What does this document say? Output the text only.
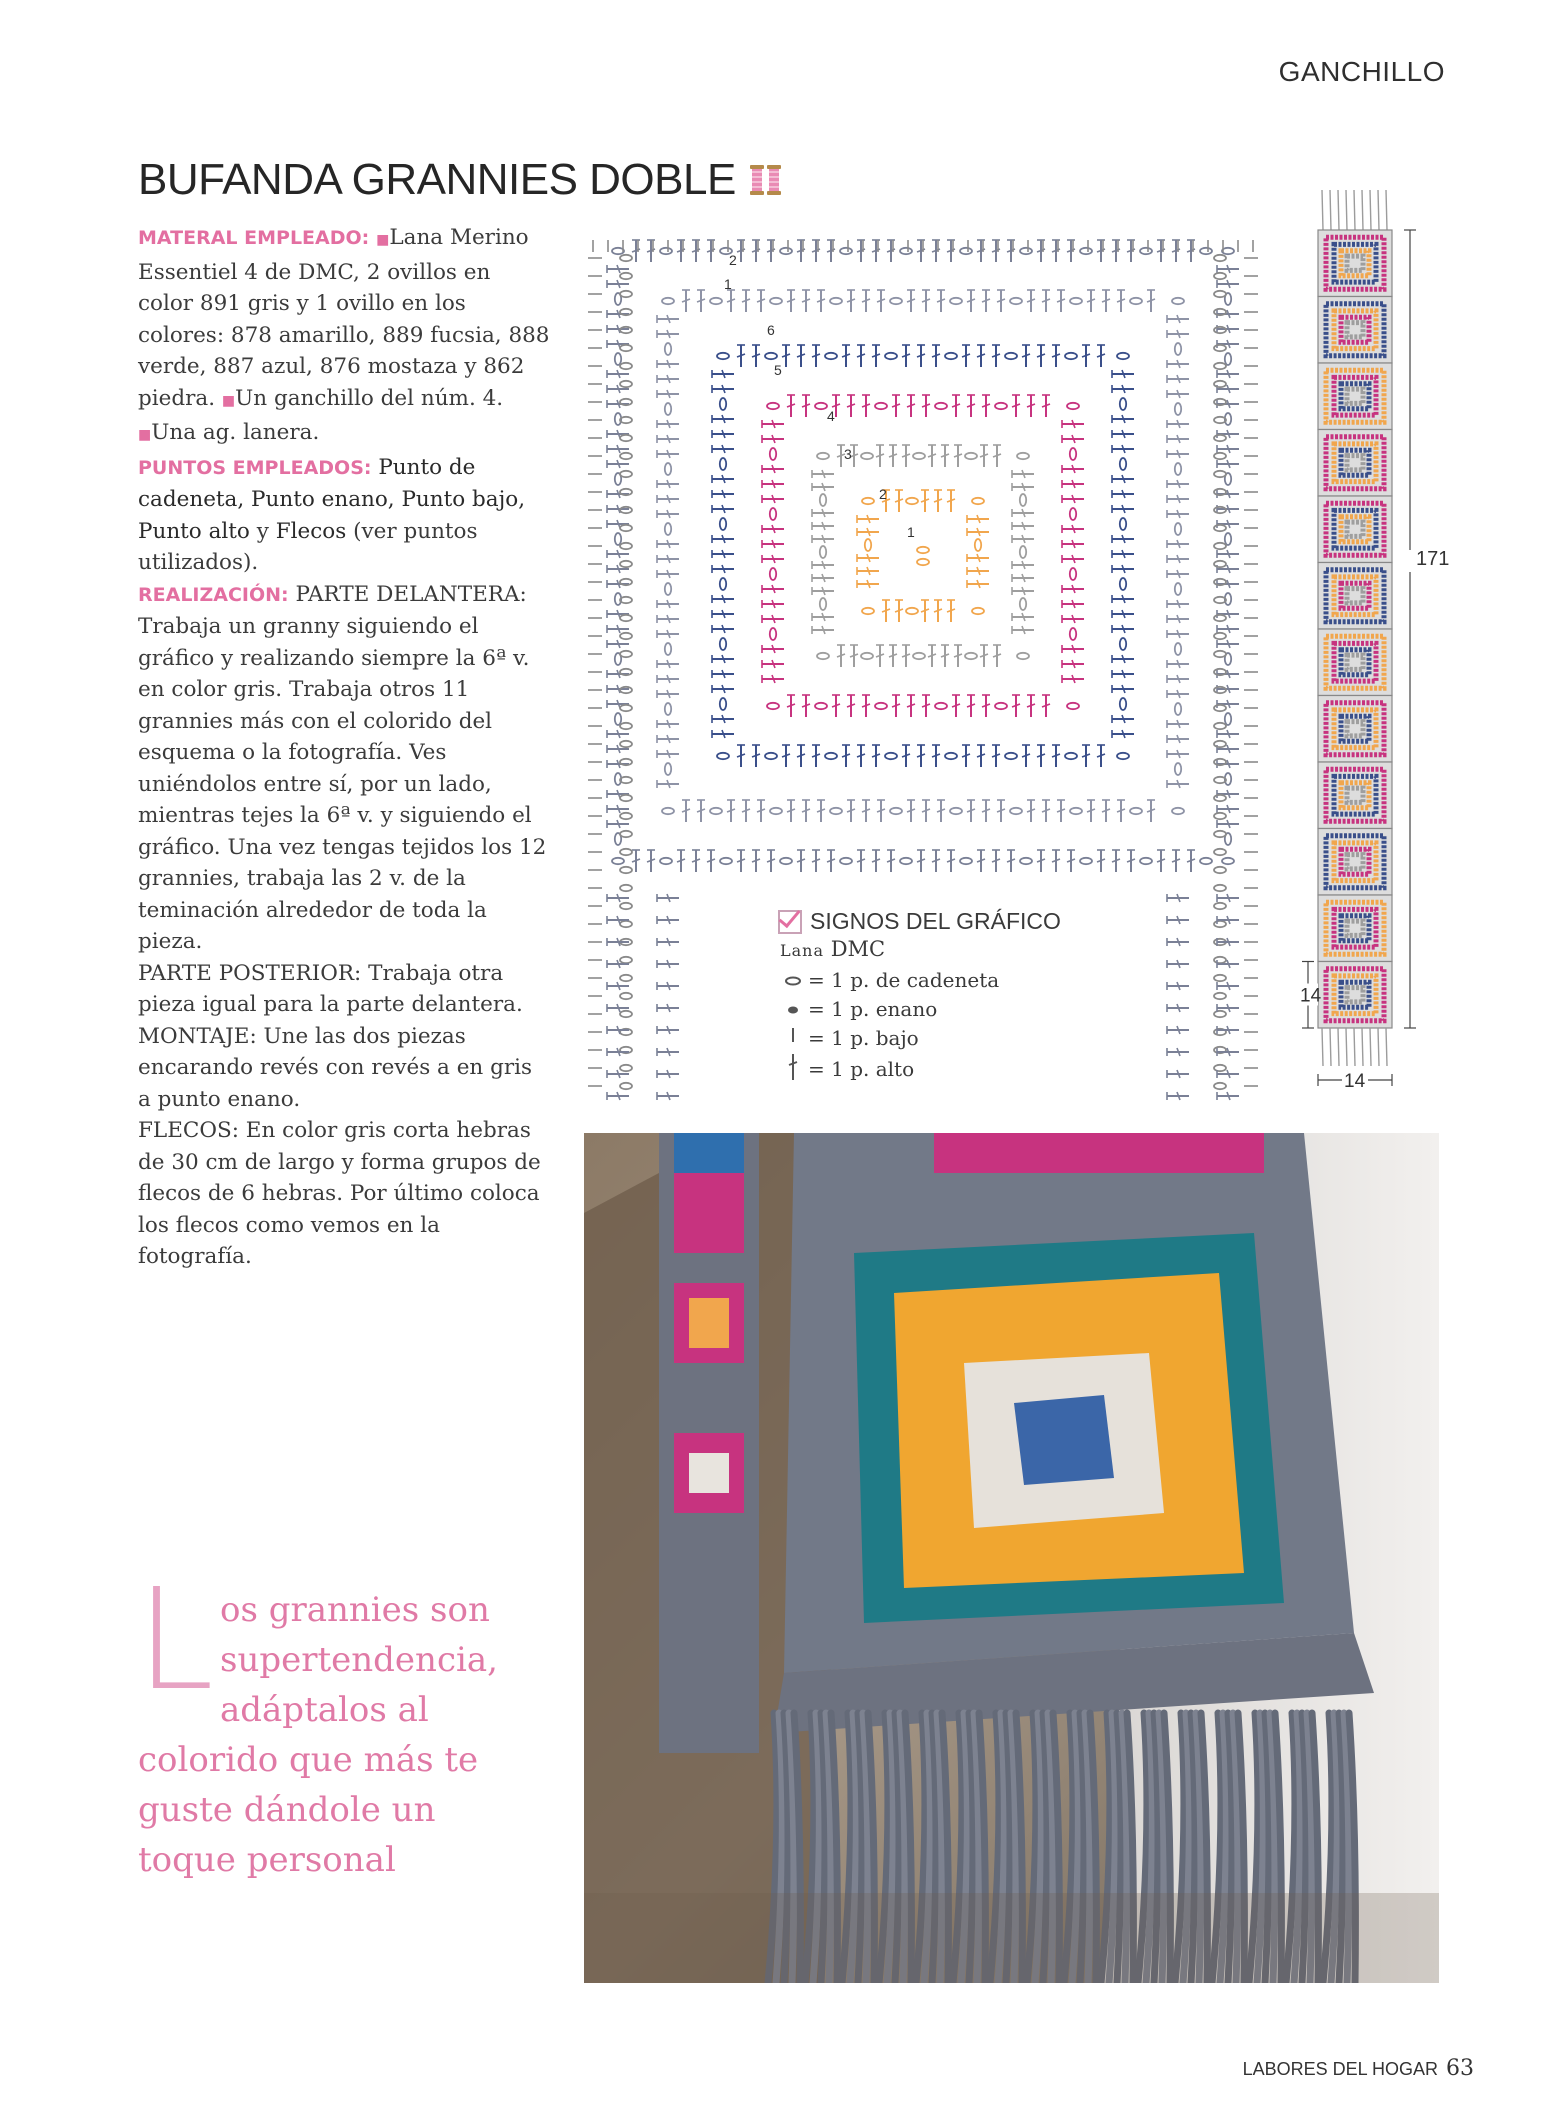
GANCHILLO
BUFANDA GRANNIES DOBLE

MATERAL EMPLEADO: ■Lana Merino Essentiel 4 de DMC, 2 ovillos en color 891 gris y 1 ovillo en los colores: 878 amarillo, 889 fucsia, 888 verde, 887 azul, 876 mostaza y 862 piedra. ■Un ganchillo del núm. 4. ■Una ag. lanera.

PUNTOS EMPLEADOS: Punto de cadeneta, Punto enano, Punto bajo, Punto alto y Flecos (ver puntos utilizados).

REALIZACIÓN: PARTE DELANTERA: Trabaja un granny siguiendo el gráfico y realizando siempre la 6ª v. en color gris. Trabaja otros 11 grannies más con el colorido del esquema o la fotografía. Ves uniéndolos entre sí, por un lado, mientras tejes la 6ª v. y siguiendo el gráfico. Una vez tengas tejidos los 12 grannies, trabaja las 2 v. de la teminación alrededor de toda la pieza.

PARTE POSTERIOR: Trabaja otra pieza igual para la parte delantera.

MONTAJE: Une las dos piezas encarando revés con revés a en gris a punto enano.

FLECOS: En color gris corta hebras de 30 cm de largo y forma grupos de flecos de 6 hebras. Por último coloca los flecos como vemos en la fotografía.

2
1
6
5
4
3
2
1
SIGNOS DEL GRÁFICO
Lana DMC
= 1 p. de cadeneta
= 1 p. enano
= 1 p. bajo
= 1 p. alto
171
14
14
L os grannies son supertendencia, adáptalos al colorido que más te guste dándole un toque personal
LABORES DEL HOGAR 63
